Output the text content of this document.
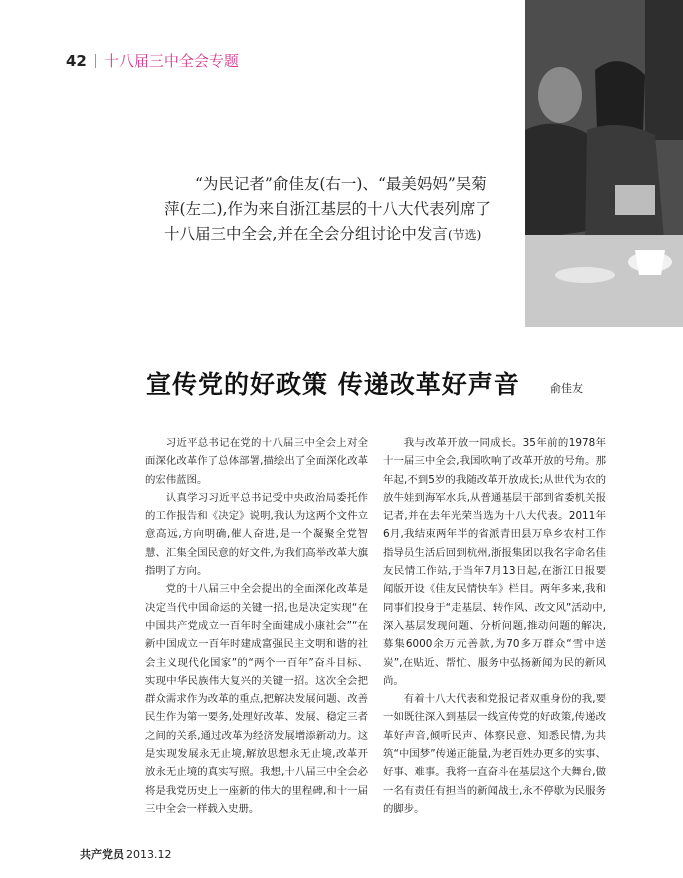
42 十八届三中全会专题
“为民记者”俞佳友(右一)、“最美妈妈”吴菊萍(左二),作为来自浙江基层的十八大代表列席了十八届三中全会,并在全会分组讨论中发言(节选)
宣传党的好政策 传递改革好声音	俞佳友

习近平总书记在党的十八届三中全会上对全面深化改革作了总体部署,描绘出了全面深化改革的宏伟蓝图。

认真学习习近平总书记受中央政治局委托作的工作报告和《决定》说明,我认为这两个文件立意高远,方向明确,催人奋进,是一个凝聚全党智慧、汇集全国民意的好文件,为我们高举改革大旗指明了方向。

党的十八届三中全会提出的全面深化改革是决定当代中国命运的关键一招,也是决定实现“在中国共产党成立一百年时全面建成小康社会”“在新中国成立一百年时建成富强民主文明和谐的社会主义现代化国家”的“两个一百年”奋斗目标、实现中华民族伟大复兴的关键一招。这次全会把群众需求作为改革的重点,把解决发展问题、改善民生作为第一要务,处理好改革、发展、稳定三者之间的关系,通过改革为经济发展增添新动力。这是实现发展永无止境,解放思想永无止境,改革开放永无止境的真实写照。我想,十八届三中全会必将是我党历史上一座新的伟大的里程碑,和十一届三中全会一样载入史册。

我与改革开放一同成长。35年前的1978年十一届三中全会,我国吹响了改革开放的号角。那年起,不到5岁的我随改革开放成长;从世代为农的放牛娃到海军水兵,从普通基层干部到省委机关报记者,并在去年光荣当选为十八大代表。2011年6月,我结束两年半的省派青田县万阜乡农村工作指导员生活后回到杭州,浙报集团以我名字命名佳友民情工作站,于当年7月13日起,在浙江日报要闻版开设《佳友民情快车》栏目。两年多来,我和同事们投身于“走基层、转作风、改文风”活动中,深入基层发现问题、分析问题,推动问题的解决,募集6000余万元善款,为70多万群众“雪中送炭”,在贴近、帮忙、服务中弘扬新闻为民的新风尚。

有着十八大代表和党报记者双重身份的我,要一如既往深入到基层一线宣传党的好政策,传递改革好声音,倾听民声、体察民意、知悉民情,为共筑“中国梦”传递正能量,为老百姓办更多的实事、好事、难事。我将一直奋斗在基层这个大舞台,做一名有责任有担当的新闻战士,永不停歇为民服务的脚步。

共产党员 2013.12
